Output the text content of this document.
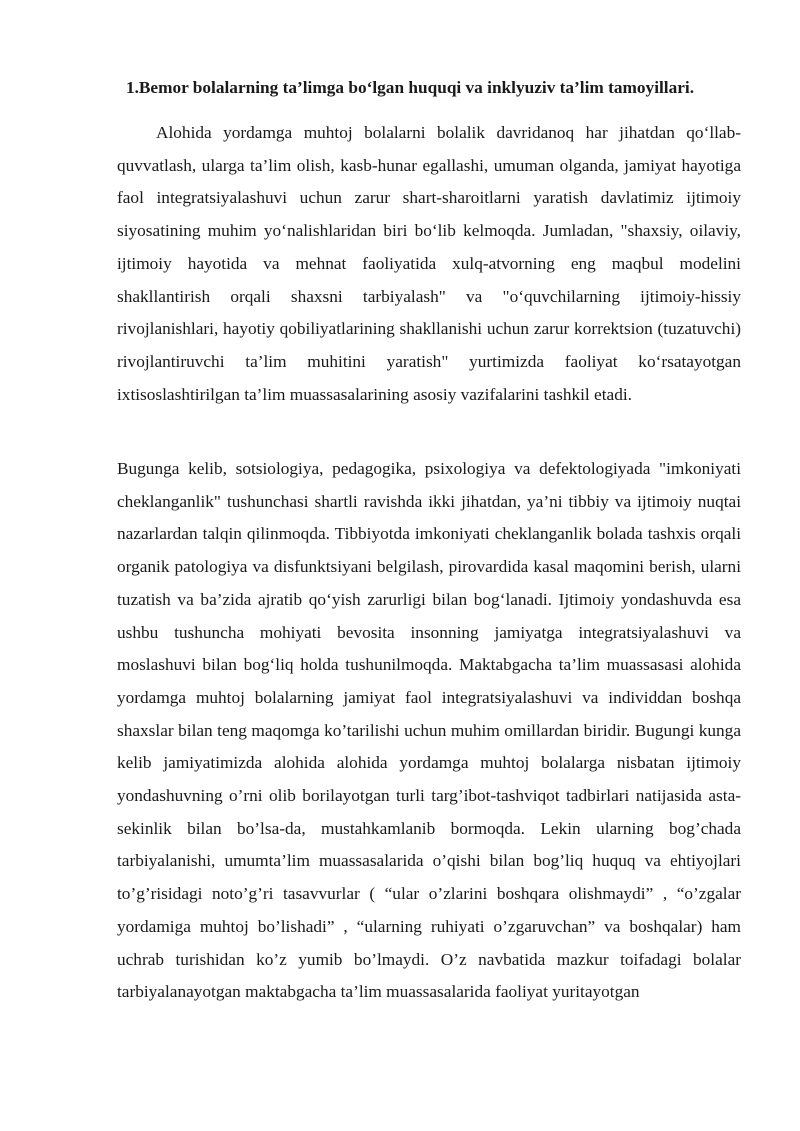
1.Bemor bolalarning ta’limga bo‘lgan huquqi va inklyuziv ta’lim tamoyillari.

Alohida yordamga muhtoj bolalarni bolalik davridanoq har jihatdan qo‘llab-quvvatlash, ularga ta’lim olish, kasb-hunar egallashi, umuman olganda, jamiyat hayotiga faol integratsiyalashuvi uchun zarur shart-sharoitlarni yaratish davlatimiz ijtimoiy siyosatining muhim yo‘nalishlaridan biri bo‘lib kelmoqda. Jumladan, "shaxsiy, oilaviy, ijtimoiy hayotida va mehnat faoliyatida xulq-atvorning eng maqbul modelini shakllantirish orqali shaxsni tarbiyalash" va "o‘quvchilarning ijtimoiy-hissiy rivojlanishlari, hayotiy qobiliyatlarining shakllanishi uchun zarur korrektsion (tuzatuvchi) rivojlantiruvchi ta’lim muhitini yaratish" yurtimizda faoliyat ko‘rsatayotgan ixtisoslashtirilgan ta’lim muassasalarining asosiy vazifalarini tashkil etadi.

Bugunga kelib, sotsiologiya, pedagogika, psixologiya va defektologiyada "imkoniyati cheklanganlik" tushunchasi shartli ravishda ikki jihatdan, ya’ni tibbiy va ijtimoiy nuqtai nazarlardan talqin qilinmoqda. Tibbiyotda imkoniyati cheklanganlik bolada tashxis orqali organik patologiya va disfunktsiyani belgilash, pirovardida kasal maqomini berish, ularni tuzatish va ba’zida ajratib qo‘yish zarurligi bilan bog‘lanadi. Ijtimoiy yondashuvda esa ushbu tushuncha mohiyati bevosita insonning jamiyatga integratsiyalashuvi va moslashuvi bilan bog‘liq holda tushunilmoqda. Maktabgacha ta’lim muassasasi alohida yordamga muhtoj bolalarning jamiyat faol integratsiyalashuvi va individdan boshqa shaxslar bilan teng maqomga ko’tarilishi uchun muhim omillardan biridir. Bugungi kunga kelib jamiyatimizda alohida alohida yordamga muhtoj bolalarga nisbatan ijtimoiy yondashuvning o’rni olib borilayotgan turli targ’ibot-tashviqot tadbirlari natijasida asta-sekinlik bilan bo’lsa-da, mustahkamlanib bormoqda. Lekin ularning bog’chada tarbiyalanishi, umumta’lim muassasalarida o’qishi bilan bog’liq huquq va ehtiyojlari to’g’risidagi noto’g’ri tasavvurlar ( “ular o’zlarini boshqara olishmaydi” , “o’zgalar yordamiga muhtoj bo’lishadi” , “ularning ruhiyati o’zgaruvchan” va boshqalar) ham uchrab turishidan ko’z yumib bo’lmaydi. O’z navbatida mazkur toifadagi bolalar tarbiyalanayotgan maktabgacha ta’lim muassasalarida faoliyat yuritayotgan
